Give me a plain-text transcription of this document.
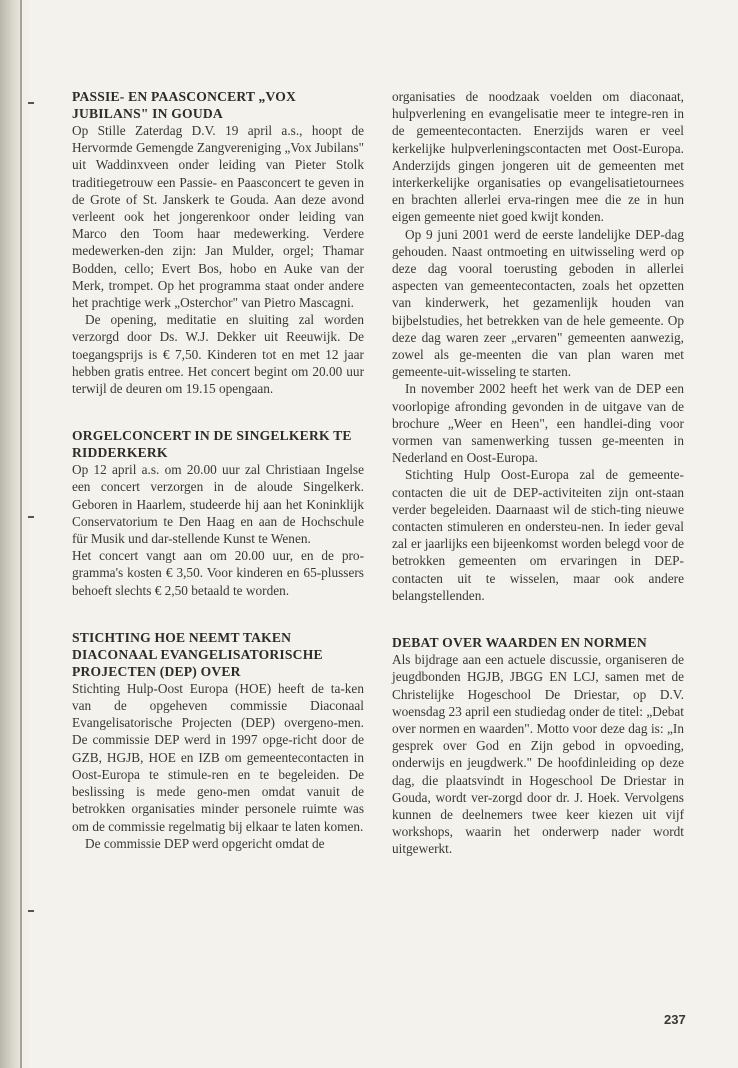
PASSIE- EN PAASCONCERT „VOX JUBILANS" IN GOUDA

Op Stille Zaterdag D.V. 19 april a.s., hoopt de Hervormde Gemengde Zangvereniging „Vox Jubilans" uit Waddinxveen onder leiding van Pieter Stolk traditiegetrouw een Passie- en Paasconcert te geven in de Grote of St. Janskerk te Gouda. Aan deze avond verleent ook het jongerenkoor onder leiding van Marco den Toom haar medewerking. Verdere medewerken-den zijn: Jan Mulder, orgel; Thamar Bodden, cello; Evert Bos, hobo en Auke van der Merk, trompet. Op het programma staat onder andere het prachtige werk „Osterchor" van Pietro Mascagni.

De opening, meditatie en sluiting zal worden verzorgd door Ds. W.J. Dekker uit Reeuwijk. De toegangsprijs is € 7,50. Kinderen tot en met 12 jaar hebben gratis entree. Het concert begint om 20.00 uur terwijl de deuren om 19.15 opengaan.

ORGELCONCERT IN DE SINGELKERK TE RIDDERKERK

Op 12 april a.s. om 20.00 uur zal Christiaan Ingelse een concert verzorgen in de aloude Singelkerk. Geboren in Haarlem, studeerde hij aan het Koninklijk Conservatorium te Den Haag en aan de Hochschule für Musik und dar-stellende Kunst te Wenen.

Het concert vangt aan om 20.00 uur, en de pro-gramma's kosten € 3,50. Voor kinderen en 65-plussers behoeft slechts € 2,50 betaald te worden.

STICHTING HOE NEEMT TAKEN DIACONAAL EVANGELISATORISCHE PROJECTEN (DEP) OVER

Stichting Hulp-Oost Europa (HOE) heeft de ta-ken van de opgeheven commissie Diaconaal Evangelisatorische Projecten (DEP) overgeno-men. De commissie DEP werd in 1997 opge-richt door de GZB, HGJB, HOE en IZB om gemeentecontacten in Oost-Europa te stimule-ren en te begeleiden. De beslissing is mede geno-men omdat vanuit de betrokken organisaties minder personele ruimte was om de commissie regelmatig bij elkaar te laten komen.

De commissie DEP werd opgericht omdat de

organisaties de noodzaak voelden om diaconaat, hulpverlening en evangelisatie meer te integre-ren in de gemeentecontacten. Enerzijds waren er veel kerkelijke hulpverleningscontacten met Oost-Europa. Anderzijds gingen jongeren uit de gemeenten met interkerkelijke organisaties op evangelisatietournees en brachten allerlei erva-ringen mee die ze in hun eigen gemeente niet goed kwijt konden.

Op 9 juni 2001 werd de eerste landelijke DEP-dag gehouden. Naast ontmoeting en uitwisseling werd op deze dag vooral toerusting geboden in allerlei aspecten van gemeentecontacten, zoals het opzetten van kinderwerk, het gezamenlijk houden van bijbelstudies, het betrekken van de hele gemeente. Op deze dag waren zeer „ervaren" gemeenten aanwezig, zowel als ge-meenten die van plan waren met gemeente-uit-wisseling te starten.

In november 2002 heeft het werk van de DEP een voorlopige afronding gevonden in de uitgave van de brochure „Weer en Heen", een handlei-ding voor vormen van samenwerking tussen ge-meenten in Nederland en Oost-Europa.

Stichting Hulp Oost-Europa zal de gemeente-contacten die uit de DEP-activiteiten zijn ont-staan verder begeleiden. Daarnaast wil de stich-ting nieuwe contacten stimuleren en ondersteu-nen. In ieder geval zal er jaarlijks een bijeenkomst worden belegd voor de betrokken gemeenten om ervaringen in DEP-contacten uit te wisselen, maar ook andere belangstellenden.

DEBAT OVER WAARDEN EN NORMEN

Als bijdrage aan een actuele discussie, organiseren de jeugdbonden HGJB, JBGG EN LCJ, samen met de Christelijke Hogeschool De Driestar, op D.V. woensdag 23 april een studiedag onder de titel: „Debat over normen en waarden". Motto voor deze dag is: „In gesprek over God en Zijn gebod in opvoeding, onderwijs en jeugdwerk." De hoofdinleiding op deze dag, die plaatsvindt in Hogeschool De Driestar in Gouda, wordt ver-zorgd door dr. J. Hoek. Vervolgens kunnen de deelnemers twee keer kiezen uit vijf workshops, waarin het onderwerp nader wordt uitgewerkt.

237
